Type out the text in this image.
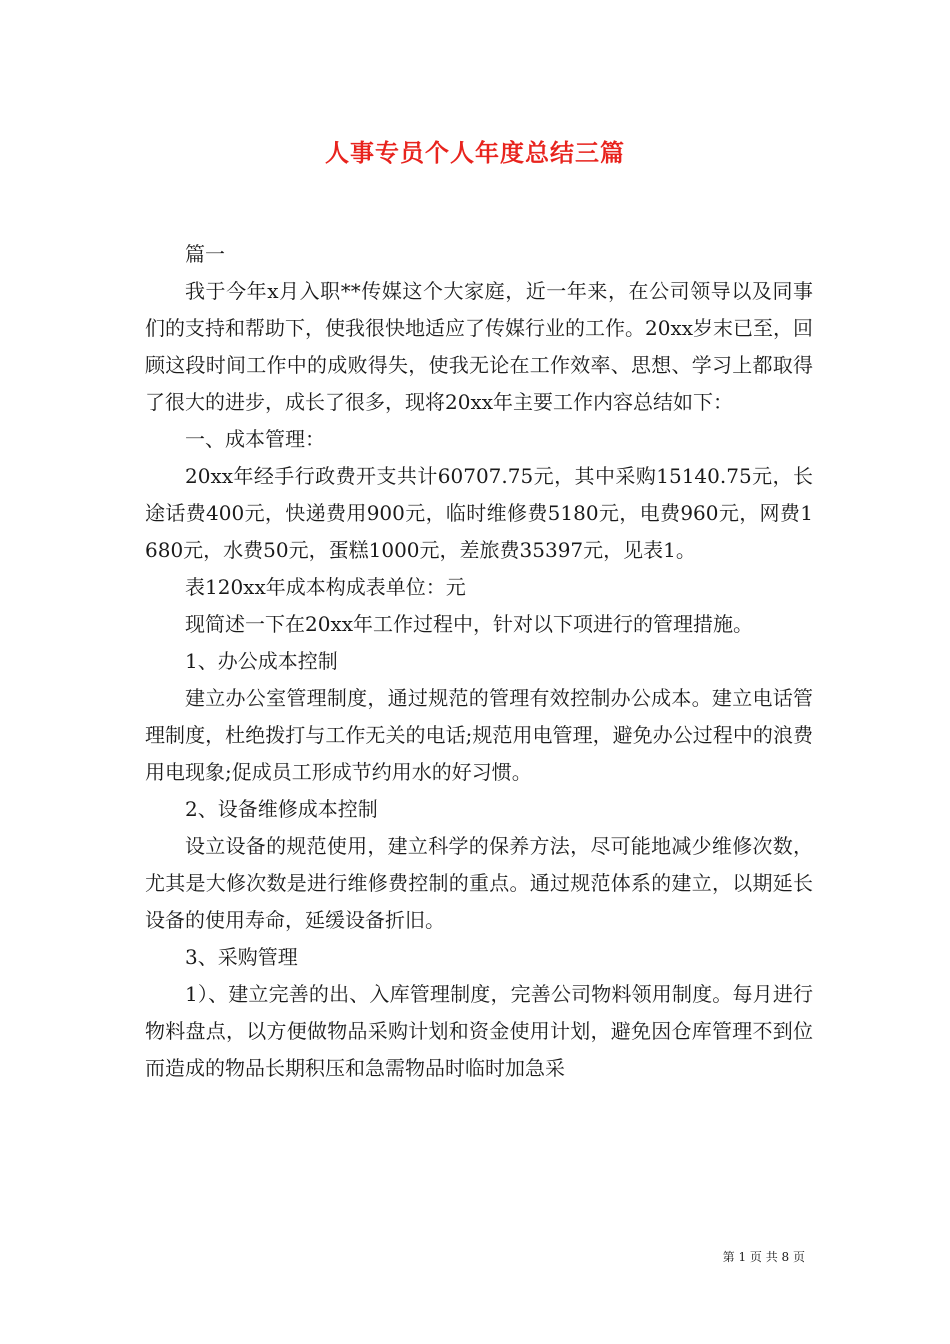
人事专员个人年度总结三篇

篇一

我于今年x月入职**传媒这个大家庭，近一年来，在公司领导以及同事们的支持和帮助下，使我很快地适应了传媒行业的工作。20xx岁末已至，回顾这段时间工作中的成败得失，使我无论在工作效率、思想、学习上都取得了很大的进步，成长了很多，现将20xx年主要工作内容总结如下：

一、成本管理：

20xx年经手行政费开支共计60707.75元，其中采购15140.75元，长途话费400元，快递费用900元，临时维修费5180元，电费960元，网费1680元，水费50元，蛋糕1000元，差旅费35397元，见表1。

表120xx年成本构成表单位：元

现简述一下在20xx年工作过程中，针对以下项进行的管理措施。

1、办公成本控制

建立办公室管理制度，通过规范的管理有效控制办公成本。建立电话管理制度，杜绝拨打与工作无关的电话;规范用电管理，避免办公过程中的浪费用电现象;促成员工形成节约用水的好习惯。

2、设备维修成本控制

设立设备的规范使用，建立科学的保养方法，尽可能地减少维修次数，尤其是大修次数是进行维修费控制的重点。通过规范体系的建立，以期延长设备的使用寿命，延缓设备折旧。

3、采购管理

1）、建立完善的出、入库管理制度，完善公司物料领用制度。每月进行物料盘点，以方便做物品采购计划和资金使用计划，避免因仓库管理不到位而造成的物品长期积压和急需物品时临时加急采

第 1 页 共 8 页
